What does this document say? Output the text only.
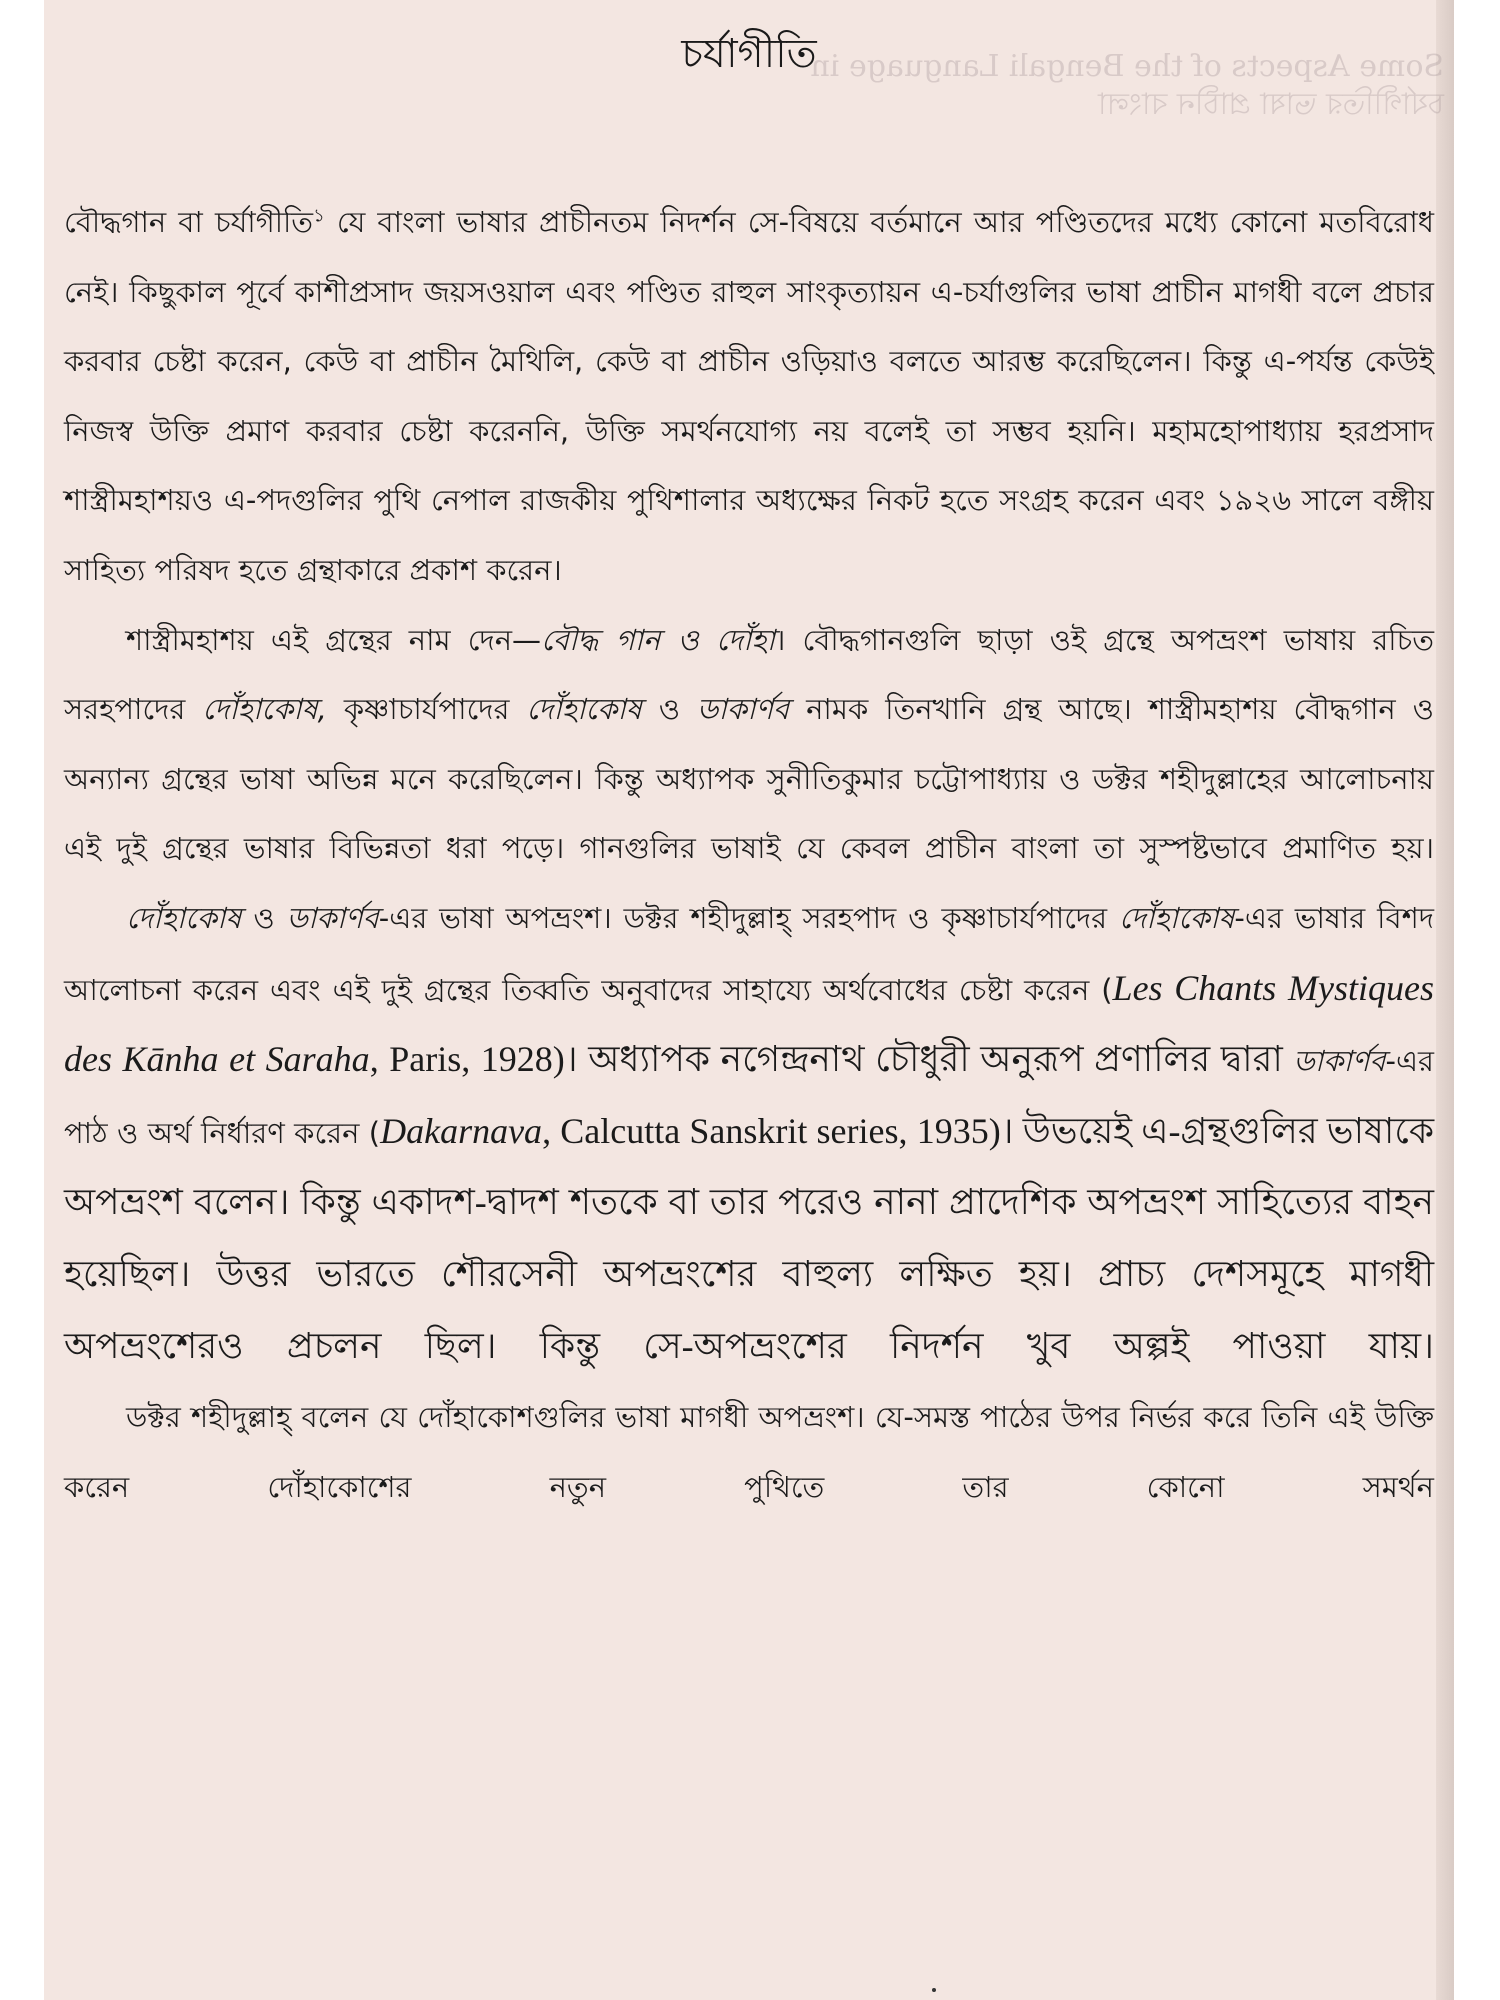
Some Aspects of the Bengali Language in
চর্যাগীতির ভাষা প্রাচীন বাংলা
চর্যাগীতি

বৌদ্ধগান বা চর্যাগীতি$^১$ যে বাংলা ভাষার প্রাচীনতম নিদর্শন সে-বিষয়ে বর্তমানে আর পণ্ডিতদের মধ্যে কোনো মতবিরোধ নেই। কিছুকাল পূর্বে কাশীপ্রসাদ জয়সওয়াল এবং পণ্ডিত রাহুল সাংকৃত্যায়ন এ-চর্যাগুলির ভাষা প্রাচীন মাগধী বলে প্রচার করবার চেষ্টা করেন, কেউ বা প্রাচীন মৈথিলি, কেউ বা প্রাচীন ওড়িয়াও বলতে আরম্ভ করেছিলেন। কিন্তু এ-পর্যন্ত কেউই নিজস্ব উক্তি প্রমাণ করবার চেষ্টা করেননি, উক্তি সমর্থনযোগ্য নয় বলেই তা সম্ভব হয়নি। মহামহোপাধ্যায় হরপ্রসাদ শাস্ত্রীমহাশয়ও এ-পদগুলির পুথি নেপাল রাজকীয় পুথিশালার অধ্যক্ষের নিকট হতে সংগ্রহ করেন এবং ১৯২৬ সালে বঙ্গীয় সাহিত্য পরিষদ হতে গ্রন্থাকারে প্রকাশ করেন।

শাস্ত্রীমহাশয় এই গ্রন্থের নাম দেন—বৌদ্ধ গান ও দোঁহা। বৌদ্ধগানগুলি ছাড়া ওই গ্রন্থে অপভ্রংশ ভাষায় রচিত সরহপাদের দোঁহাকোষ, কৃষ্ণাচার্যপাদের দোঁহাকোষ ও ডাকার্ণব নামক তিনখানি গ্রন্থ আছে। শাস্ত্রীমহাশয় বৌদ্ধগান ও অন্যান্য গ্রন্থের ভাষা অভিন্ন মনে করেছিলেন। কিন্তু অধ্যাপক সুনীতিকুমার চট্টোপাধ্যায় ও ডক্টর শহীদুল্লাহের আলোচনায় এই দুই গ্রন্থের ভাষার বিভিন্নতা ধরা পড়ে। গানগুলির ভাষাই যে কেবল প্রাচীন বাংলা তা সুস্পষ্টভাবে প্রমাণিত হয়।

দোঁহাকোষ ও ডাকার্ণব-এর ভাষা অপভ্রংশ। ডক্টর শহীদুল্লাহ্ সরহপাদ ও কৃষ্ণাচার্যপাদের দোঁহাকোষ-এর ভাষার বিশদ আলোচনা করেন এবং এই দুই গ্রন্থের তিব্বতি অনুবাদের সাহায্যে অর্থবোধের চেষ্টা করেন (Les Chants Mystiques des Kānha et Saraha, Paris, 1928)। অধ্যাপক নগেন্দ্রনাথ চৌধুরী অনুরূপ প্রণালির দ্বারা ডাকার্ণব-এর পাঠ ও অর্থ নির্ধারণ করেন (Dakarnava, Calcutta Sanskrit series, 1935)। উভয়েই এ-গ্রন্থগুলির ভাষাকে অপভ্রংশ বলেন। কিন্তু একাদশ-দ্বাদশ শতকে বা তার পরেও নানা প্রাদেশিক অপভ্রংশ সাহিত্যের বাহন হয়েছিল। উত্তর ভারতে শৌরসেনী অপভ্রংশের বাহুল্য লক্ষিত হয়। প্রাচ্য দেশসমূহে মাগধী অপভ্রংশেরও প্রচলন ছিল। কিন্তু সে-অপভ্রংশের নিদর্শন খুব অল্পই পাওয়া যায়।

ডক্টর শহীদুল্লাহ্ বলেন যে দোঁহাকোশগুলির ভাষা মাগধী অপভ্রংশ। যে-সমস্ত পাঠের উপর নির্ভর করে তিনি এই উক্তি করেন দোঁহাকোশের নতুন পুথিতে তার কোনো সমর্থন
